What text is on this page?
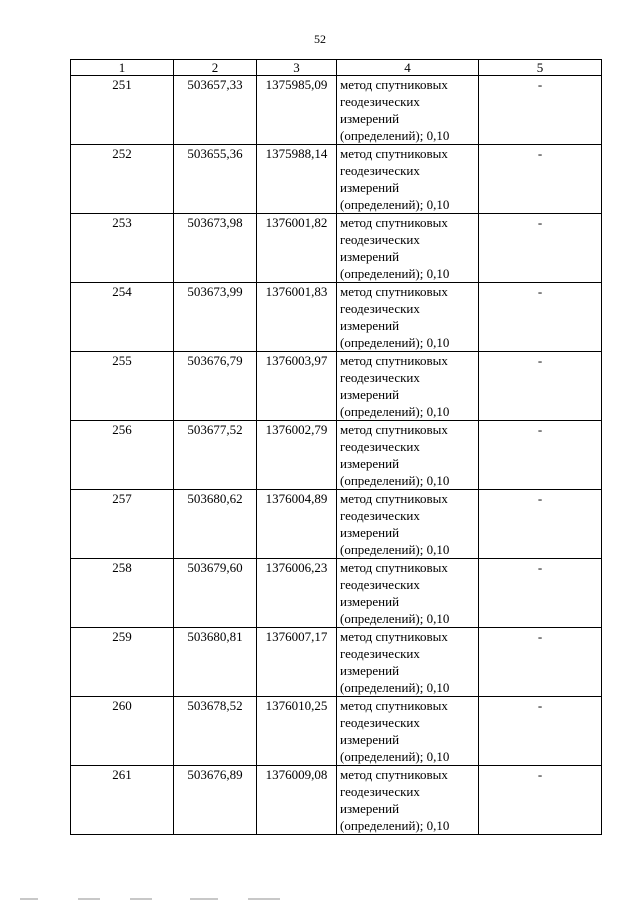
52
1	2	3	4	5
251	503657,33	1375985,09	метод спутниковых геодезических измерений (определений); 0,10	-
252	503655,36	1375988,14	метод спутниковых геодезических измерений (определений); 0,10	-
253	503673,98	1376001,82	метод спутниковых геодезических измерений (определений); 0,10	-
254	503673,99	1376001,83	метод спутниковых геодезических измерений (определений); 0,10	-
255	503676,79	1376003,97	метод спутниковых геодезических измерений (определений); 0,10	-
256	503677,52	1376002,79	метод спутниковых геодезических измерений (определений); 0,10	-
257	503680,62	1376004,89	метод спутниковых геодезических измерений (определений); 0,10	-
258	503679,60	1376006,23	метод спутниковых геодезических измерений (определений); 0,10	-
259	503680,81	1376007,17	метод спутниковых геодезических измерений (определений); 0,10	-
260	503678,52	1376010,25	метод спутниковых геодезических измерений (определений); 0,10	-
261	503676,89	1376009,08	метод спутниковых геодезических измерений (определений); 0,10	-
